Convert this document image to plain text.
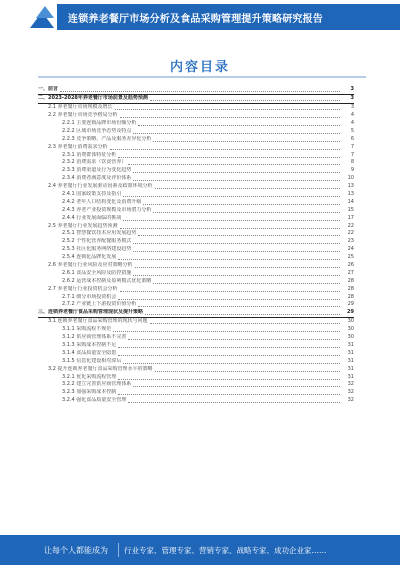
连锁养老餐厅市场分析及食品采购管理提升策略研究报告
内容目录
一、前言	3
二、2023-2028年养老餐厅市场前景及趋势预测	3
2.1 养老餐厅市场规模及增长	3
2.2 养老餐厅市场竞争格局分析	4
2.2.1 主要连锁品牌市场份额分析	4
2.2.2 区域市场竞争态势及特点	5
2.2.3 竞争策略、产品及服务差异化分析	6
2.3 养老餐厅消费需求分析	7
2.3.1 消费群体特征分析	7
2.3.2 消费需求（饮食营养）	8
2.3.3 消费渠道及行为变化趋势	9
2.3.4 消费者满意度及评价体系	10
2.4 养老餐厅行业发展驱动因素及政策环境分析	13
2.4.1 国家政策支持及指引	13
2.4.2 老年人口结构变化及消费升级	14
2.4.3 养老产业投资规模及市场潜力分析	15
2.4.4 行业发展面临的挑战	17
2.5 养老餐厅行业发展趋势预测	22
2.5.1 智慧餐饮技术应用发展趋势	22
2.5.2 个性化营养配餐服务模式	23
2.5.3 社区化服务网络建设趋势	24
2.5.4 连锁化品牌化发展	25
2.6 养老餐厅行业风险及应对策略分析	26
2.6.1 食品安全风险及防控措施	27
2.6.2 运营成本控制及盈利模式优化策略	28
2.7 养老餐厅行业投资机会分析	28
2.7.1 细分市场投资机会	28
2.7.2 产业链上下游投资价值分析	29
三、连锁养老餐厅食品采购管理现状及提升策略	29
3.1 连锁养老餐厅食品采购管理的现状与问题	30
3.1.1 采购流程不规范	30
3.1.2 供应商管理体系不完善	30
3.1.3 采购成本控制不足	31
3.1.4 食品质量安全隐患	31
3.1.5 信息化建设相对滞后	31
3.2 提升连锁养老餐厅食品采购管理水平的策略	31
3.2.1 优化采购流程管理	31
3.2.2 建立完善供应商管理体系	32
3.2.3 加强采购成本控制	32
3.2.4 强化食品质量安全管理	32
让每个人都能成为 行业专家、管理专家、营销专家、战略专家、成功企业家……
